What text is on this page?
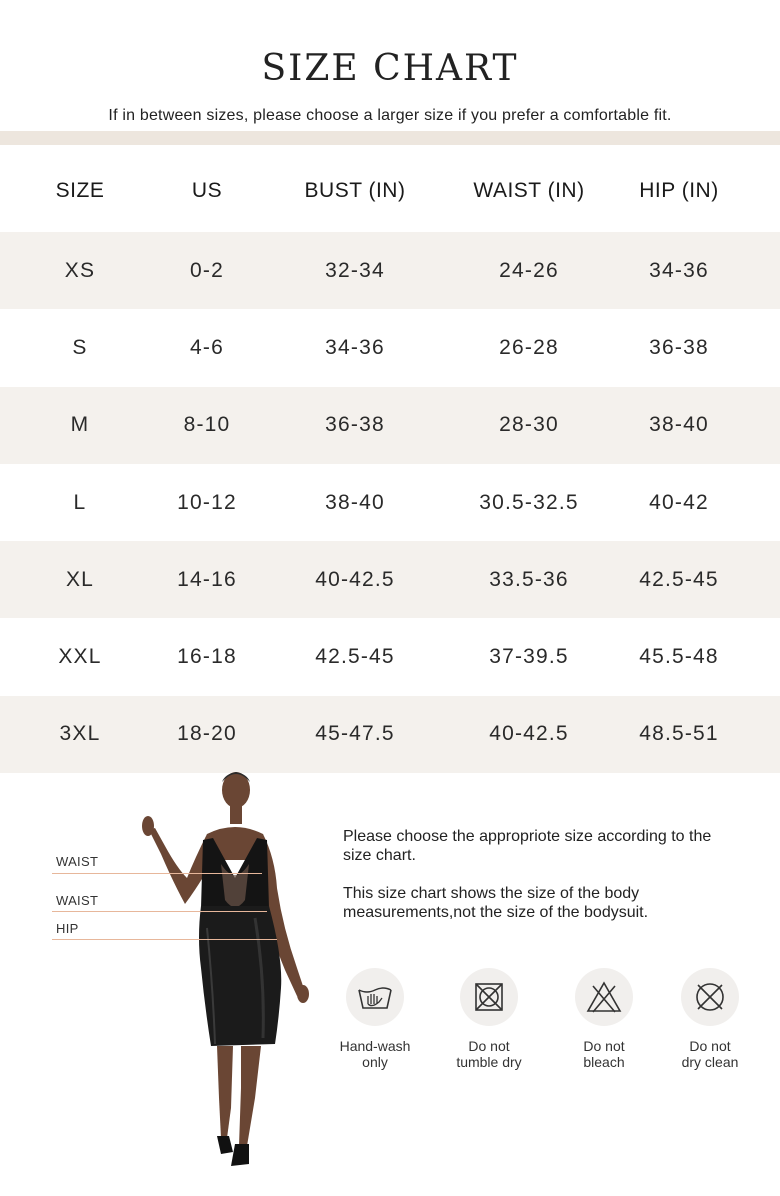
SIZE CHART
If in between sizes, please choose a larger size if you prefer a comfortable fit.
SIZE	US	BUST (IN)	WAIST (IN)	HIP (IN)
XS	0-2	32-34	24-26	34-36
S	4-6	34-36	26-28	36-38
M	8-10	36-38	28-30	38-40
L	10-12	38-40	30.5-32.5	40-42
XL	14-16	40-42.5	33.5-36	42.5-45
XXL	16-18	42.5-45	37-39.5	45.5-48
3XL	18-20	45-47.5	40-42.5	48.5-51
WAIST
WAIST
HIP
Please choose the appropriote size according to the size chart.
This size chart shows the size of the body measurements,not the size of the bodysuit.
Hand-wash
only
Do not
tumble dry
Do not
bleach
Do not
dry clean
